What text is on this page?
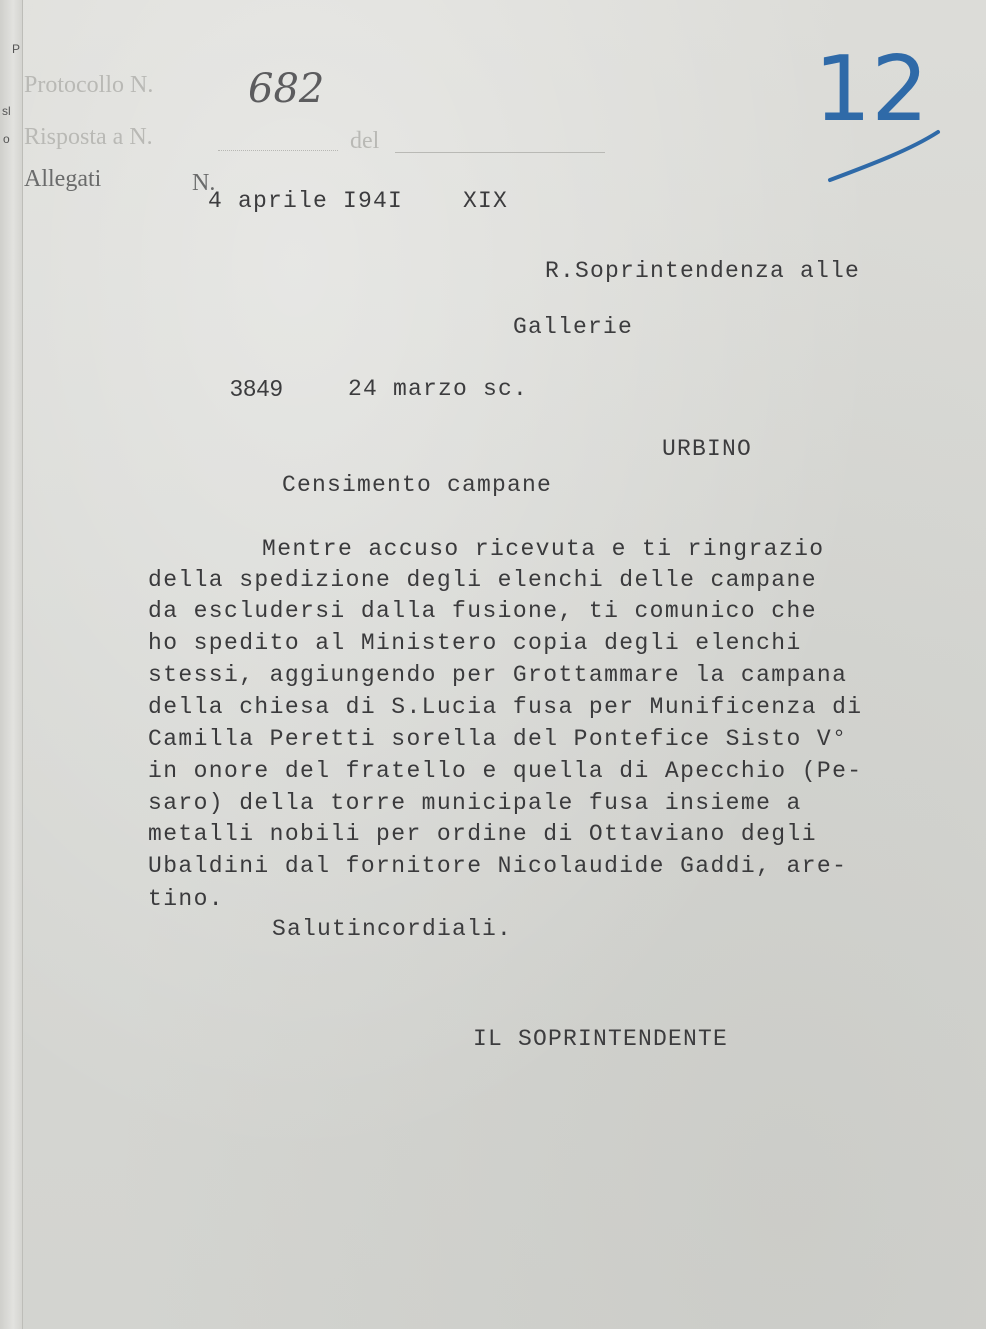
P
sl
o
Protocollo N.
Risposta a N.	del
Allegati	N.
682	12
4 aprile I94I    XIX
R.Soprintendenza alle
Gallerie
3849	24 marzo sc.
URBINO
Censimento campane
Mentre accuso ricevuta e ti ringrazio
della spedizione degli elenchi delle campane
da escludersi dalla fusione, ti comunico che
ho spedito al Ministero copia degli elenchi
stessi, aggiungendo per Grottammare la campana
della chiesa di S.Lucia fusa per Munificenza di
Camilla Peretti sorella del Pontefice Sisto V°
in onore del fratello e quella di Apecchio (Pe-
saro) della torre municipale fusa insieme a
metalli nobili per ordine di Ottaviano degli
Ubaldini dal fornitore Nicolaudide Gaddi, are-
tino.
Salutincordiali.
IL SOPRINTENDENTE
